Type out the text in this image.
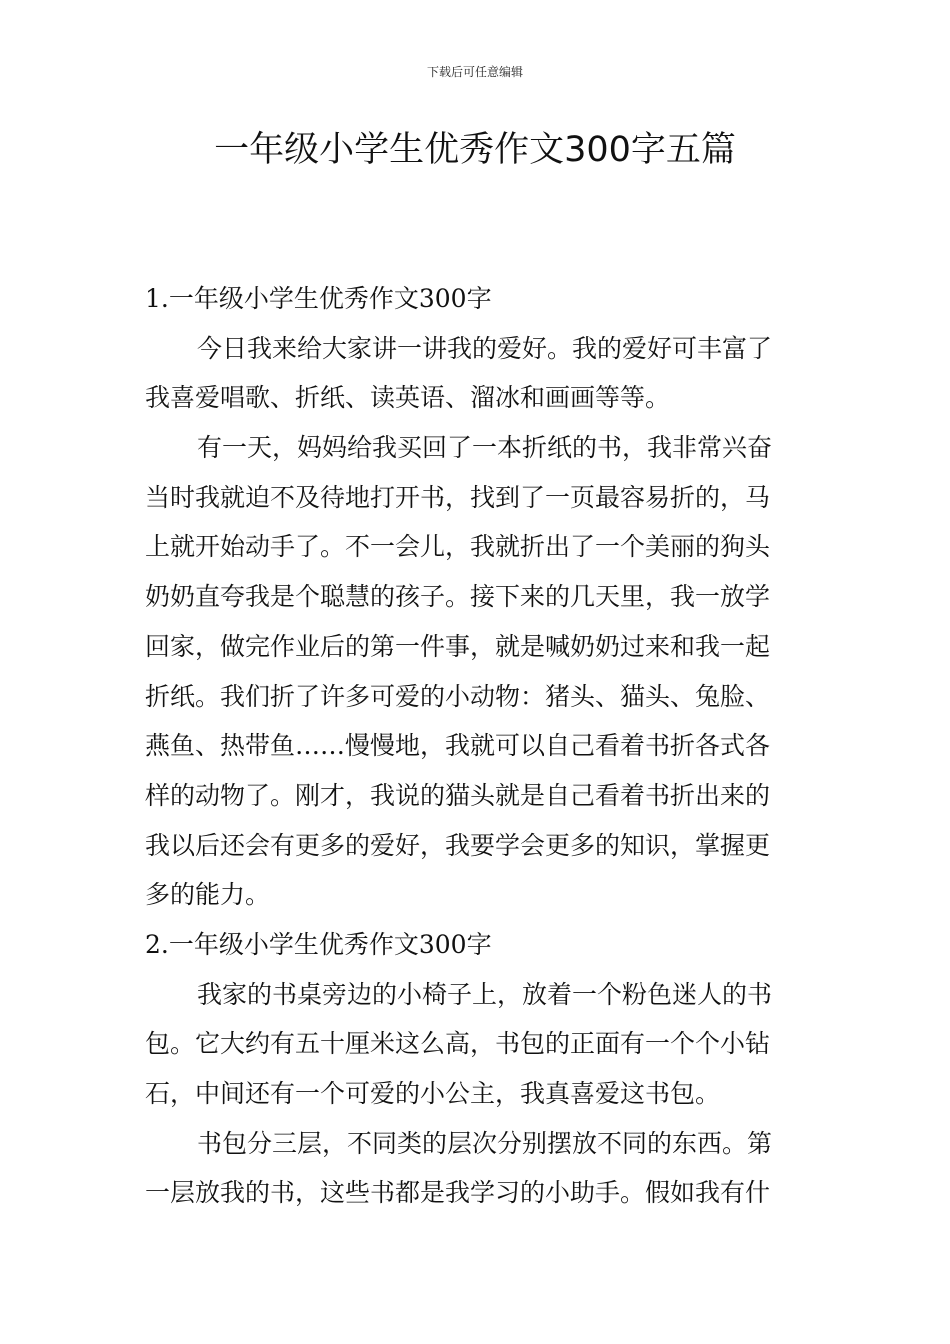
下载后可任意编辑
一年级小学生优秀作文300字五篇
1.一年级小学生优秀作文300字
今日我来给大家讲一讲我的爱好。我的爱好可丰富了
我喜爱唱歌、折纸、读英语、溜冰和画画等等。
有一天，妈妈给我买回了一本折纸的书，我非常兴奋
当时我就迫不及待地打开书，找到了一页最容易折的，马
上就开始动手了。不一会儿，我就折出了一个美丽的狗头
奶奶直夸我是个聪慧的孩子。接下来的几天里，我一放学
回家，做完作业后的第一件事，就是喊奶奶过来和我一起
折纸。我们折了许多可爱的小动物：猪头、猫头、兔脸、
燕鱼、热带鱼……慢慢地，我就可以自己看着书折各式各
样的动物了。刚才，我说的猫头就是自己看着书折出来的
我以后还会有更多的爱好，我要学会更多的知识，掌握更
多的能力。
2.一年级小学生优秀作文300字
我家的书桌旁边的小椅子上，放着一个粉色迷人的书
包。它大约有五十厘米这么高，书包的正面有一个个小钻
石，中间还有一个可爱的小公主，我真喜爱这书包。
书包分三层，不同类的层次分别摆放不同的东西。第
一层放我的书，这些书都是我学习的小助手。假如我有什
